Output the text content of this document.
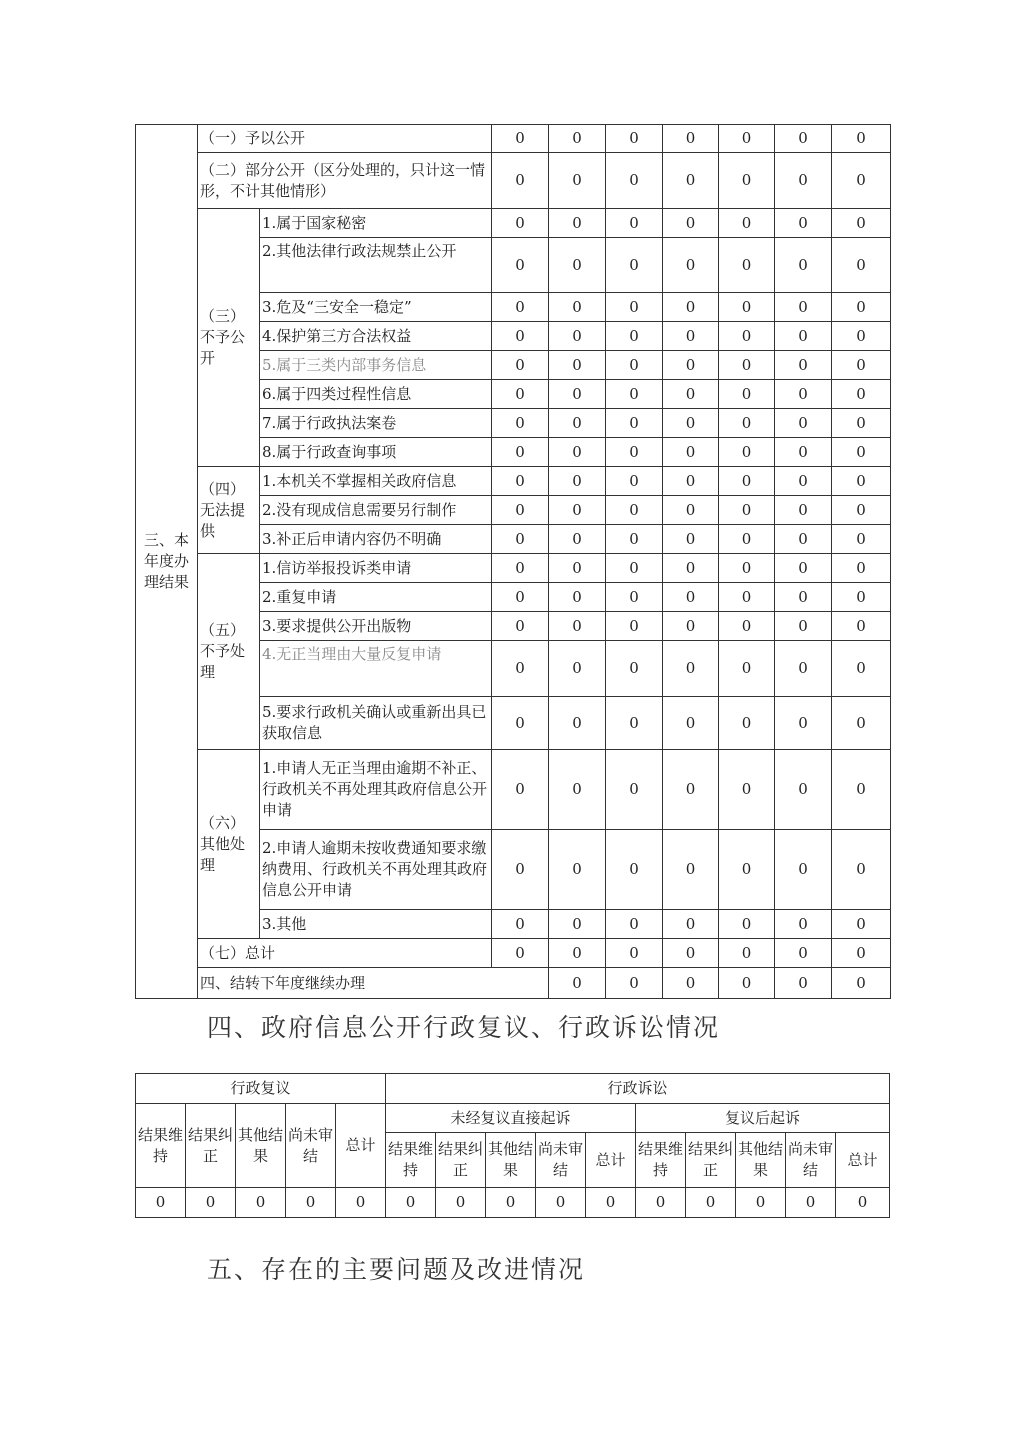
三、本年度办理结果	（一）予以公开		0	0	0	0	0	0	0	
	（二）部分公开（区分处理的，只计这一情形，不计其他情形）		0	0	0	0	0	0	0	
	（三）不予公开	1.属于国家秘密	0	0	0	0	0	0	0	
		2.其他法律行政法规禁止公开	0	0	0	0	0	0	0	
		3.危及“三安全一稳定”	0	0	0	0	0	0	0	
		4.保护第三方合法权益	0	0	0	0	0	0	0	
		5.属于三类内部事务信息	0	0	0	0	0	0	0	
		6.属于四类过程性信息	0	0	0	0	0	0	0	
		7.属于行政执法案卷	0	0	0	0	0	0	0	
		8.属于行政查询事项	0	0	0	0	0	0	0	
	（四）无法提供	1.本机关不掌握相关政府信息	0	0	0	0	0	0	0	
		2.没有现成信息需要另行制作	0	0	0	0	0	0	0	
		3.补正后申请内容仍不明确	0	0	0	0	0	0	0	
	（五）不予处理	1.信访举报投诉类申请	0	0	0	0	0	0	0	
		2.重复申请	0	0	0	0	0	0	0	
		3.要求提供公开出版物	0	0	0	0	0	0	0	
		4.无正当理由大量反复申请	0	0	0	0	0	0	0	
		5.要求行政机关确认或重新出具已获取信息	0	0	0	0	0	0	0	
	（六）其他处理	1.申请人无正当理由逾期不补正、行政机关不再处理其政府信息公开申请	0	0	0	0	0	0	0	
		2.申请人逾期未按收费通知要求缴纳费用、行政机关不再处理其政府信息公开申请	0	0	0	0	0	0	0	
		3.其他	0	0	0	0	0	0	0	
	（七）总计		0	0	0	0	0	0	0	
	四、结转下年度继续办理			0	0	0	0	0	0	
四、政府信息公开行政复议、行政诉讼情况
行政复议					行政诉讼									
结果维持	结果纠正	其他结果	尚未审结	总计	未经复议直接起诉					复议后起诉				
					结果维持	结果纠正	其他结果	尚未审结	总计	结果维持	结果纠正	其他结果	尚未审结	总计
0	0	0	0	0	0	0	0	0	0	0	0	0	0	0
五、存在的主要问题及改进情况
